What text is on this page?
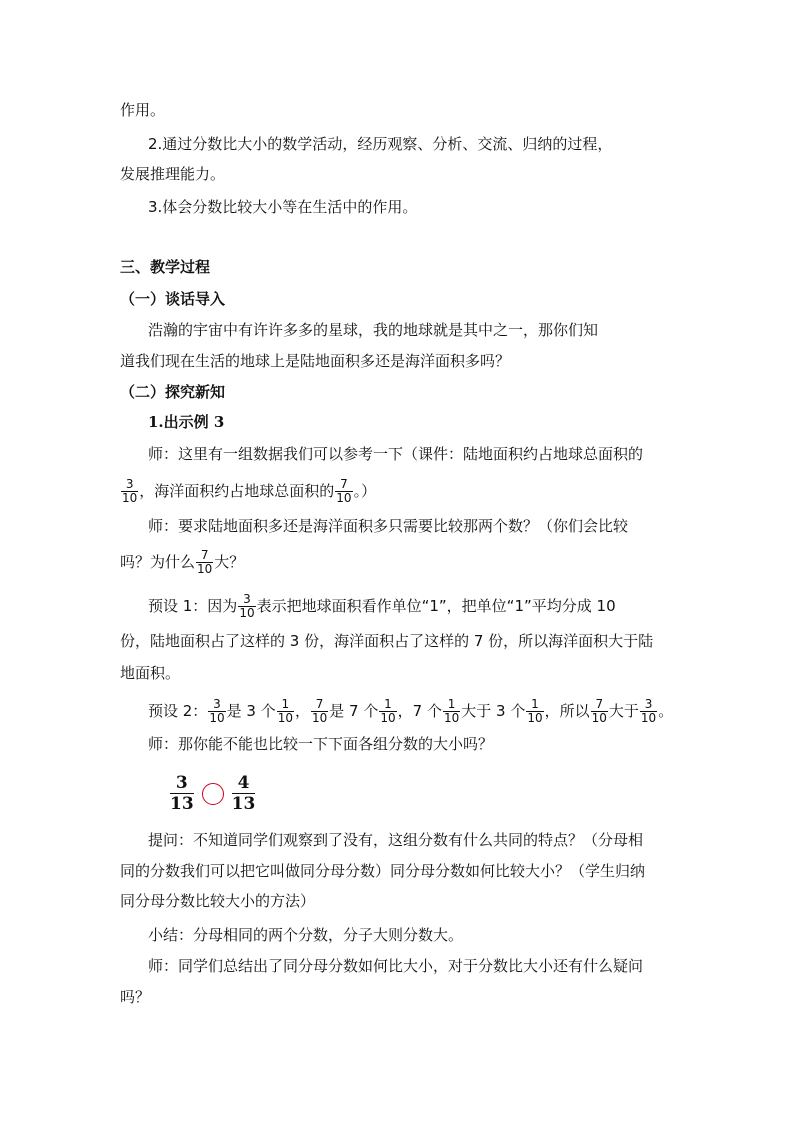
作用。
2.通过分数比大小的数学活动，经历观察、分析、交流、归纳的过程，
发展推理能力。
3.体会分数比较大小等在生活中的作用。
三、教学过程
（一）谈话导入
浩瀚的宇宙中有许许多多的星球，我的地球就是其中之一，那你们知
道我们现在生活的地球上是陆地面积多还是海洋面积多吗？
（二）探究新知
1.出示例 3
师：这里有一组数据我们可以参考一下（课件：陆地面积约占地球总面积的
$\frac{3}{10}$ ，海洋面积约占地球总面积的 $\frac{7}{10}$ 。）
师：要求陆地面积多还是海洋面积多只需要比较那两个数？（你们会比较
吗？为什么 $\frac{7}{10}$ 大？
预设 1：因为 $\frac{3}{10}$ 表示把地球面积看作单位“1”，把单位“1”平均分成 10
份，陆地面积占了这样的 3 份，海洋面积占了这样的 7 份，所以海洋面积大于陆
地面积。
预设 2： $\frac{3}{10}$ 是 3 个 $\frac{1}{10}$ ， $\frac{7}{10}$ 是 7 个 $\frac{1}{10}$ ，7 个 $\frac{1}{10}$ 大于 3 个 $\frac{1}{10}$ ，所以 $\frac{7}{10}$ 大于 $\frac{3}{10}$ 。
师：那你能不能也比较一下下面各组分数的大小吗？
$\frac{3}{13} \frac{4}{13}$
提问：不知道同学们观察到了没有，这组分数有什么共同的特点？（分母相
同的分数我们可以把它叫做同分母分数）同分母分数如何比较大小？（学生归纳
同分母分数比较大小的方法）
小结：分母相同的两个分数，分子大则分数大。
师：同学们总结出了同分母分数如何比大小，对于分数比大小还有什么疑问
吗？
